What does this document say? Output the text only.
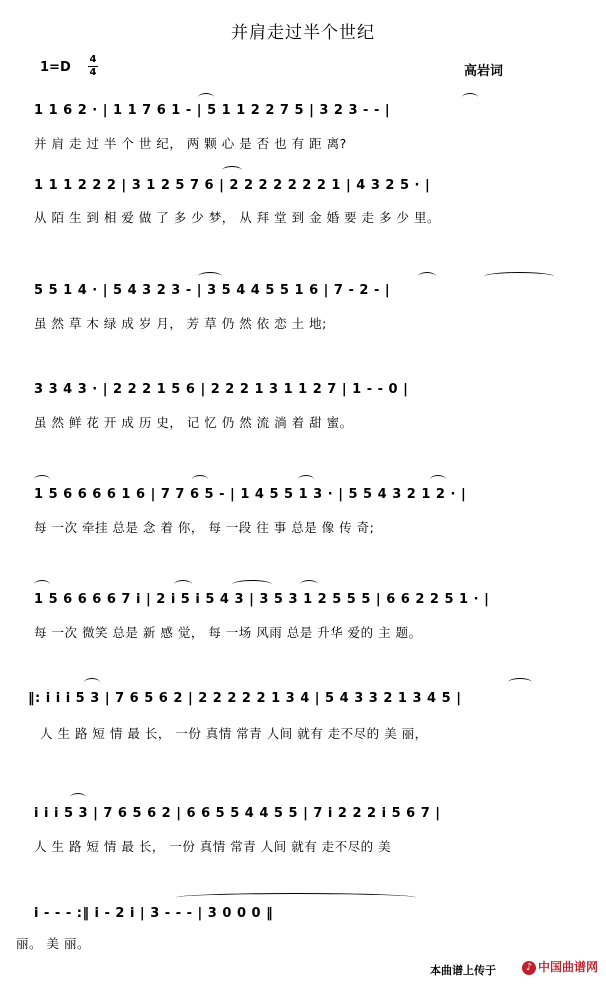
并肩走过半个世纪
1=D
4
4	高岩词
1 1 6 2 · | 1 1 7 6 1 - | 5 1 1 2 2 7 5 | 3 2 3 - - |
并 肩 走 过 半 个 世 纪， 两 颗 心 是 否 也 有 距 离?
1 1 1 2 2 2 | 3 1 2 5 7 6 | 2 2 2 2 2 2 2 1 | 4 3 2 5 · |
从 陌 生 到 相 爱 做 了 多 少 梦， 从 拜 堂 到 金 婚 要 走 多 少 里。
5 5 1 4 · | 5 4 3 2 3 - | 3 5 4 4 5 5 1 6 | 7 - 2 - |
虽 然 草 木 绿 成 岁 月， 芳 草 仍 然 依 恋 土 地;
3 3 4 3 · | 2 2 2 1 5 6 | 2 2 2 1 3 1 1 2 7 | 1 - - 0 |
虽 然 鲜 花 开 成 历 史， 记 忆 仍 然 流 淌 着 甜 蜜。
1 5 6 6 6 6 1 6 | 7 7 6 5 - | 1 4 5 5 1 3 · | 5 5 4 3 2 1 2 · |
每 一次 牵挂 总是 念 着 你， 每 一段 往 事 总是 像 传 奇;
1 5 6 6 6 6 7 i | 2 i 5 i 5 4 3 | 3 5 3 1 2 5 5 5 | 6 6 2 2 5 1 · |
每 一次 微笑 总是 新 感 觉， 每 一场 风雨 总是 升华 爱的 主 题。
‖: i i i 5 3 | 7 6 5 6 2 | 2 2 2 2 2 1 3 4 | 5 4 3 3 2 1 3 4 5 |
人 生 路 短 情 最 长， 一份 真情 常青 人间 就有 走不尽的 美 丽，
i i i 5 3 | 7 6 5 6 2 | 6 6 5 5 4 4 5 5 | 7 i 2 2 2 i 5 6 7 |
人 生 路 短 情 最 长， 一份 真情 常青 人间 就有 走不尽的 美
i - - - :‖ i - 2 i | 3 - - - | 3 0 0 0 ‖
丽。 美 丽。
本曲谱上传于	♪ 中国曲谱网
